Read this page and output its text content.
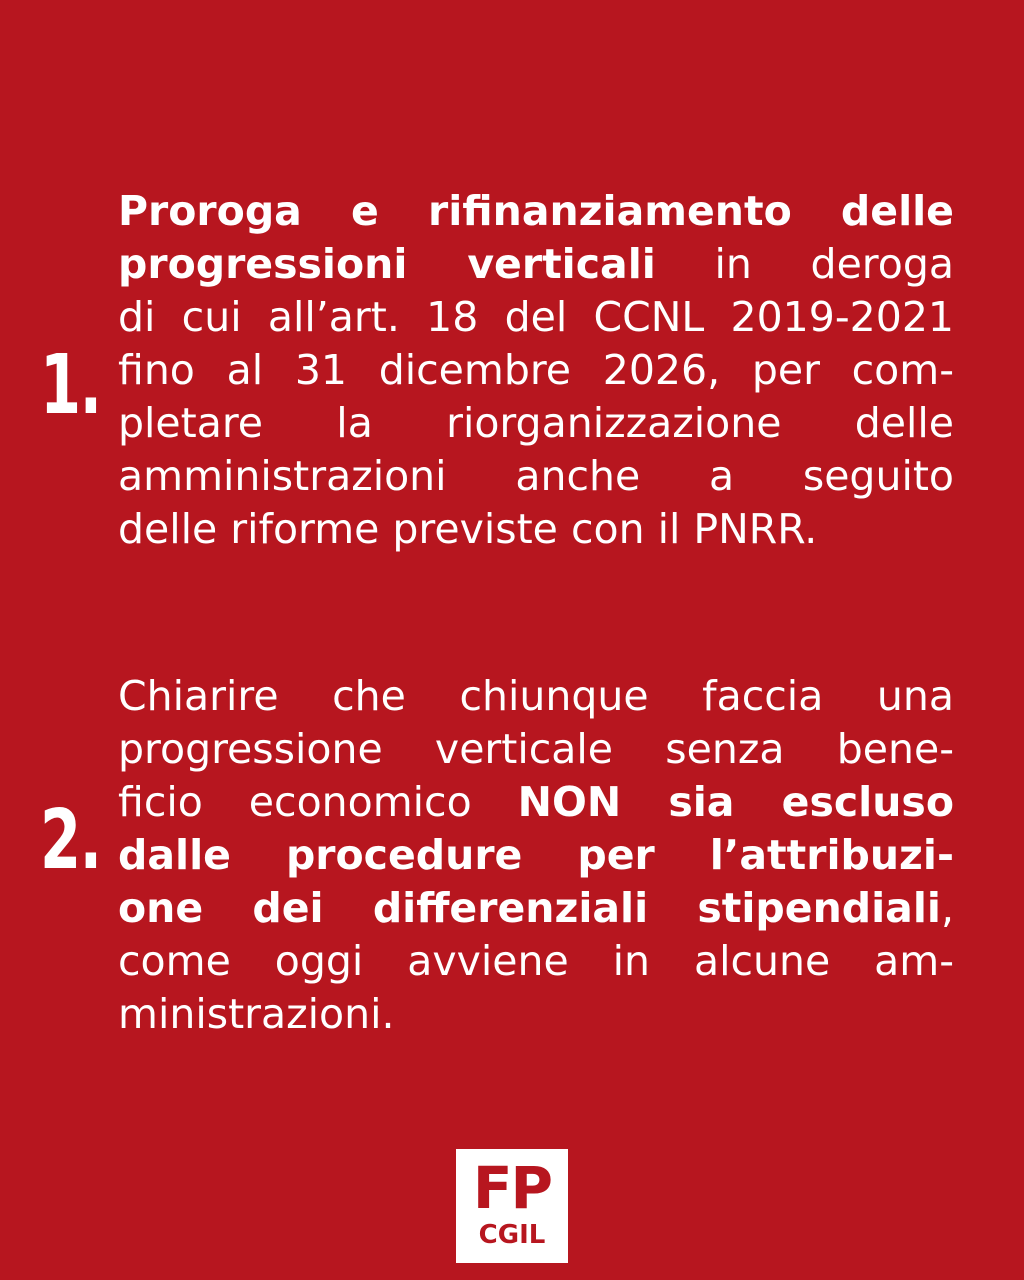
1.
Proroga e rifinanziamento delle
progressioni verticali in deroga
di cui all’art. 18 del CCNL 2019-2021
fino al 31 dicembre 2026, per com-
pletare la riorganizzazione delle
amministrazioni anche a seguito
delle riforme previste con il PNRR.
2.
Chiarire che chiunque faccia una
progressione verticale senza bene-
ficio economico NON sia escluso
dalle procedure per l’attribuzi-
one dei differenziali stipendiali,
come oggi avviene in alcune am-
ministrazioni.
FP
CGIL
